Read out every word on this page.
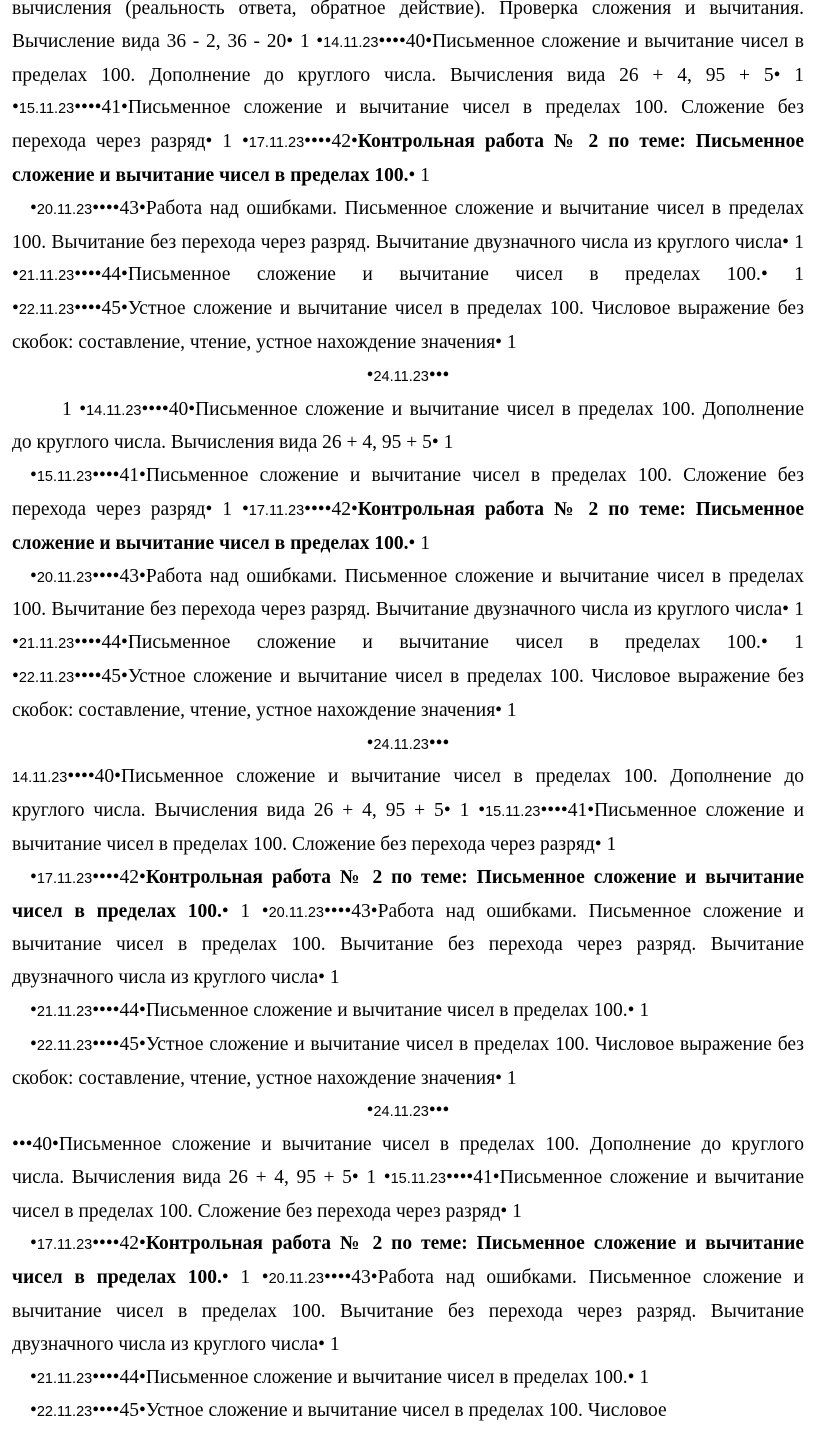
вычисления (реальность ответа, обратное действие). Проверка сложения и вычитания. Вычисление вида 36 - 2, 36 - 20• 1 •14.11.23••••40•Письменное сложение и вычитание чисел в пределах 100. Дополнение до круглого числа. Вычисления вида 26 + 4, 95 + 5• 1 •15.11.23••••41•Письменное сложение и вычитание чисел в пределах 100. Сложение без перехода через разряд• 1 •17.11.23••••42•Контрольная работа № 2 по теме: Письменное сложение и вычитание чисел в пределах 100.• 1
•20.11.23••••43•Работа над ошибками. Письменное сложение и вычитание чисел в пределах 100. Вычитание без перехода через разряд. Вычитание двузначного числа из круглого числа• 1 •21.11.23••••44•Письменное сложение и вычитание чисел в пределах 100.• 1 •22.11.23••••45•Устное сложение и вычитание чисел в пределах 100. Числовое выражение без скобок: составление, чтение, устное нахождение значения• 1
•24.11.23•••

1 •14.11.23••••40•Письменное сложение и вычитание чисел в пределах 100. Дополнение до круглого числа. Вычисления вида 26 + 4, 95 + 5• 1
•15.11.23••••41•Письменное сложение и вычитание чисел в пределах 100. Сложение без перехода через разряд• 1 •17.11.23••••42•Контрольная работа № 2 по теме: Письменное сложение и вычитание чисел в пределах 100.• 1
•20.11.23••••43•Работа над ошибками. Письменное сложение и вычитание чисел в пределах 100. Вычитание без перехода через разряд. Вычитание двузначного числа из круглого числа• 1 •21.11.23••••44•Письменное сложение и вычитание чисел в пределах 100.• 1 •22.11.23••••45•Устное сложение и вычитание чисел в пределах 100. Числовое выражение без скобок: составление, чтение, устное нахождение значения• 1
•24.11.23•••

14.11.23••••40•Письменное сложение и вычитание чисел в пределах 100. Дополнение до круглого числа. Вычисления вида 26 + 4, 95 + 5• 1 •15.11.23••••41•Письменное сложение и вычитание чисел в пределах 100. Сложение без перехода через разряд• 1
•17.11.23••••42•Контрольная работа № 2 по теме: Письменное сложение и вычитание чисел в пределах 100.• 1 •20.11.23••••43•Работа над ошибками. Письменное сложение и вычитание чисел в пределах 100. Вычитание без перехода через разряд. Вычитание двузначного числа из круглого числа• 1
•21.11.23••••44•Письменное сложение и вычитание чисел в пределах 100.• 1
•22.11.23••••45•Устное сложение и вычитание чисел в пределах 100. Числовое выражение без скобок: составление, чтение, устное нахождение значения• 1
•24.11.23•••

•••40•Письменное сложение и вычитание чисел в пределах 100. Дополнение до круглого числа. Вычисления вида 26 + 4, 95 + 5• 1 •15.11.23••••41•Письменное сложение и вычитание чисел в пределах 100. Сложение без перехода через разряд• 1
•17.11.23••••42•Контрольная работа № 2 по теме: Письменное сложение и вычитание чисел в пределах 100.• 1 •20.11.23••••43•Работа над ошибками. Письменное сложение и вычитание чисел в пределах 100. Вычитание без перехода через разряд. Вычитание двузначного числа из круглого числа• 1
•21.11.23••••44•Письменное сложение и вычитание чисел в пределах 100.• 1
•22.11.23••••45•Устное сложение и вычитание чисел в пределах 100. Числовое
